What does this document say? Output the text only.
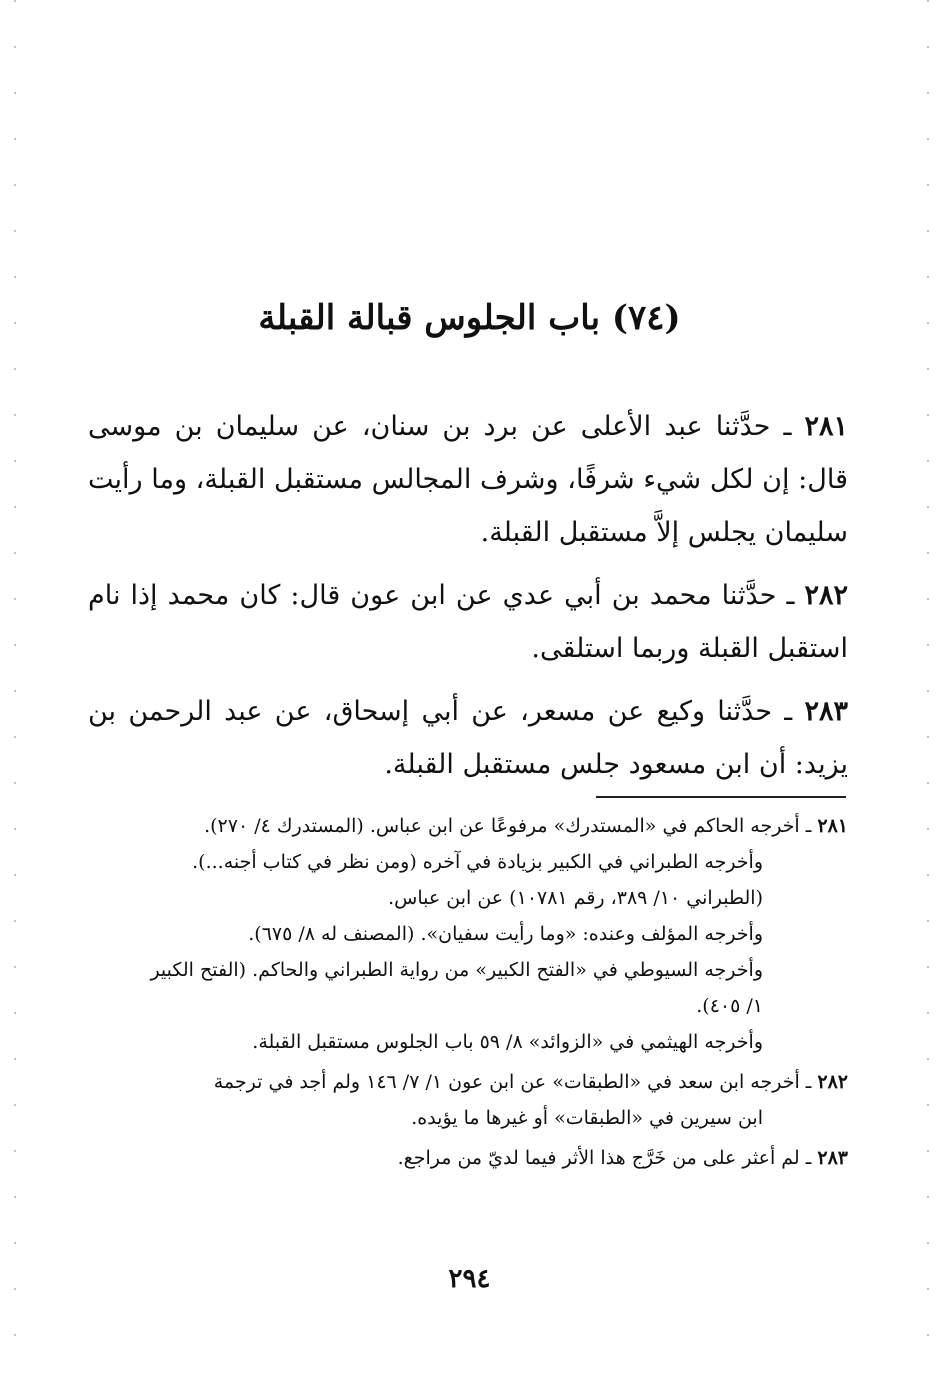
(٧٤) باب الجلوس قبالة القبلة

٢٨١ ـ حدَّثنا عبد الأعلى عن برد بن سنان، عن سليمان بن موسى قال: إن لكل شيء شرفًا، وشرف المجالس مستقبل القبلة، وما رأيت سليمان يجلس إلاَّ مستقبل القبلة.

٢٨٢ ـ حدَّثنا محمد بن أبي عدي عن ابن عون قال: كان محمد إذا نام استقبل القبلة وربما استلقى.

٢٨٣ ـ حدَّثنا وكيع عن مسعر، عن أبي إسحاق، عن عبد الرحمن بن يزيد: أن ابن مسعود جلس مستقبل القبلة.

٢٨١ ـ أخرجه الحاكم في «المستدرك» مرفوعًا عن ابن عباس. (المستدرك ٤/ ٢٧٠).

وأخرجه الطبراني في الكبير بزيادة في آخره (ومن نظر في كتاب أجنه...).

(الطبراني ١٠/ ٣٨٩، رقم ١٠٧٨١) عن ابن عباس.

وأخرجه المؤلف وعنده: «وما رأيت سفيان». (المصنف له ٨/ ٦٧٥).

وأخرجه السيوطي في «الفتح الكبير» من رواية الطبراني والحاكم. (الفتح الكبير

١/ ٤٠٥).

وأخرجه الهيثمي في «الزوائد» ٨/ ٥٩ باب الجلوس مستقبل القبلة.

٢٨٢ ـ أخرجه ابن سعد في «الطبقات» عن ابن عون ١/ ٧/ ١٤٦ ولم أجد في ترجمة

ابن سيرين في «الطبقات» أو غيرها ما يؤيده.

٢٨٣ ـ لم أعثر على من خَرَّج هذا الأثر فيما لديّ من مراجع.

٢٩٤
